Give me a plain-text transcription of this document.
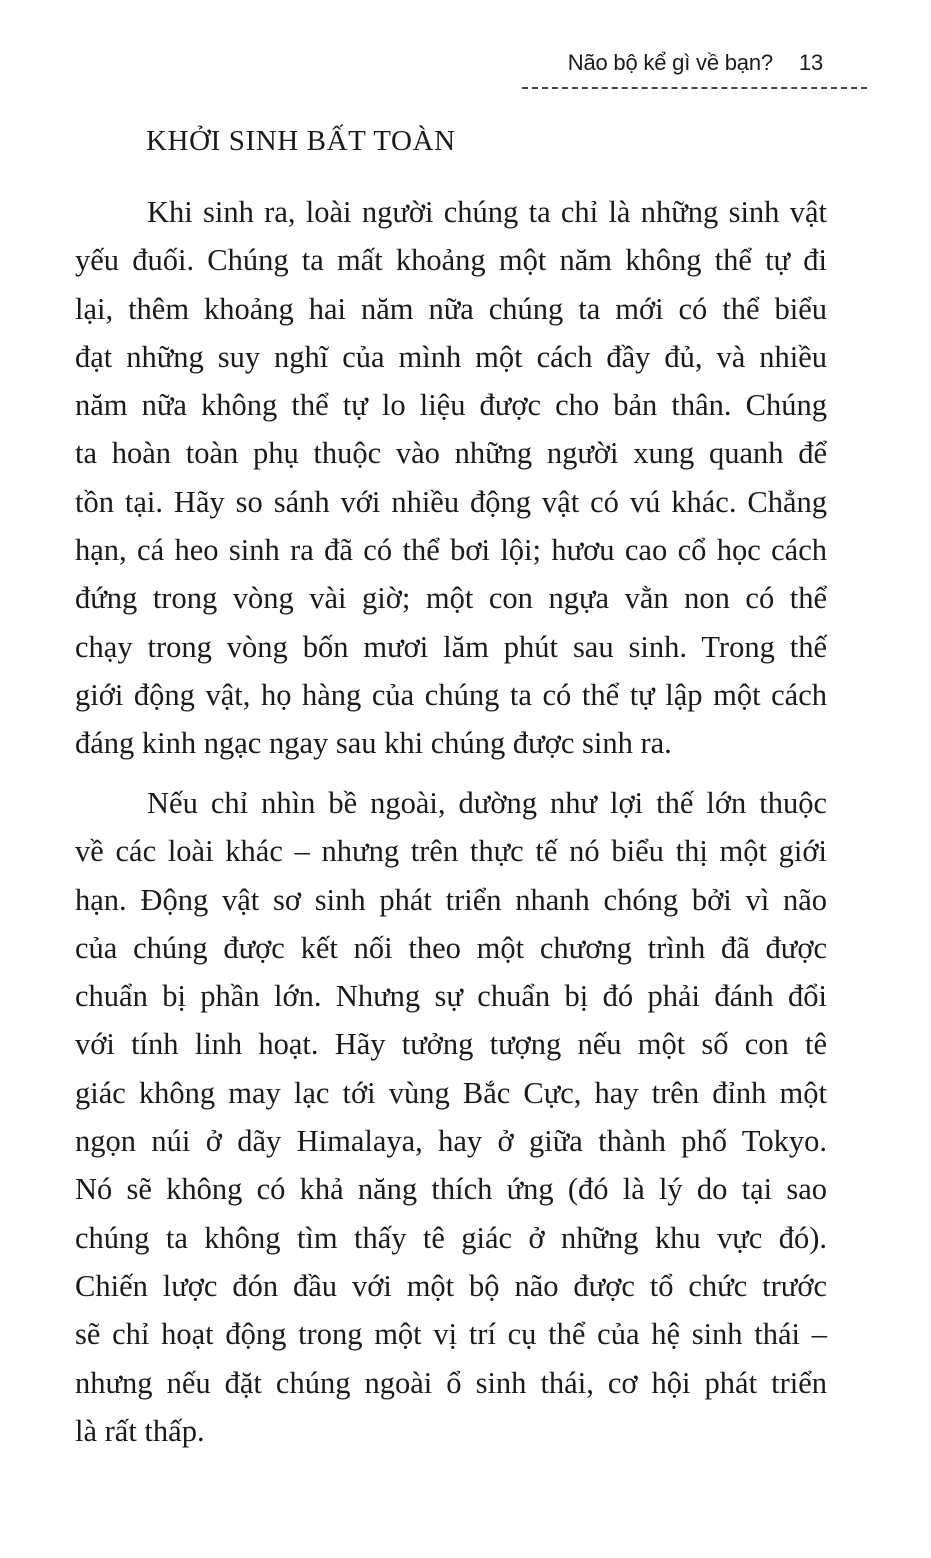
Não bộ kể gì về bạn? 13
KHỞI SINH BẤT TOÀN
Khi sinh ra, loài người chúng ta chỉ là những sinh vật
yếu đuối. Chúng ta mất khoảng một năm không thể tự đi
lại, thêm khoảng hai năm nữa chúng ta mới có thể biểu
đạt những suy nghĩ của mình một cách đầy đủ, và nhiều
năm nữa không thể tự lo liệu được cho bản thân. Chúng
ta hoàn toàn phụ thuộc vào những người xung quanh để
tồn tại. Hãy so sánh với nhiều động vật có vú khác. Chẳng
hạn, cá heo sinh ra đã có thể bơi lội; hươu cao cổ học cách
đứng trong vòng vài giờ; một con ngựa vằn non có thể
chạy trong vòng bốn mươi lăm phút sau sinh. Trong thế
giới động vật, họ hàng của chúng ta có thể tự lập một cách
đáng kinh ngạc ngay sau khi chúng được sinh ra.
Nếu chỉ nhìn bề ngoài, dường như lợi thế lớn thuộc
về các loài khác – nhưng trên thực tế nó biểu thị một giới
hạn. Động vật sơ sinh phát triển nhanh chóng bởi vì não
của chúng được kết nối theo một chương trình đã được
chuẩn bị phần lớn. Nhưng sự chuẩn bị đó phải đánh đổi
với tính linh hoạt. Hãy tưởng tượng nếu một số con tê
giác không may lạc tới vùng Bắc Cực, hay trên đỉnh một
ngọn núi ở dãy Himalaya, hay ở giữa thành phố Tokyo.
Nó sẽ không có khả năng thích ứng (đó là lý do tại sao
chúng ta không tìm thấy tê giác ở những khu vực đó).
Chiến lược đón đầu với một bộ não được tổ chức trước
sẽ chỉ hoạt động trong một vị trí cụ thể của hệ sinh thái –
nhưng nếu đặt chúng ngoài ổ sinh thái, cơ hội phát triển
là rất thấp.
